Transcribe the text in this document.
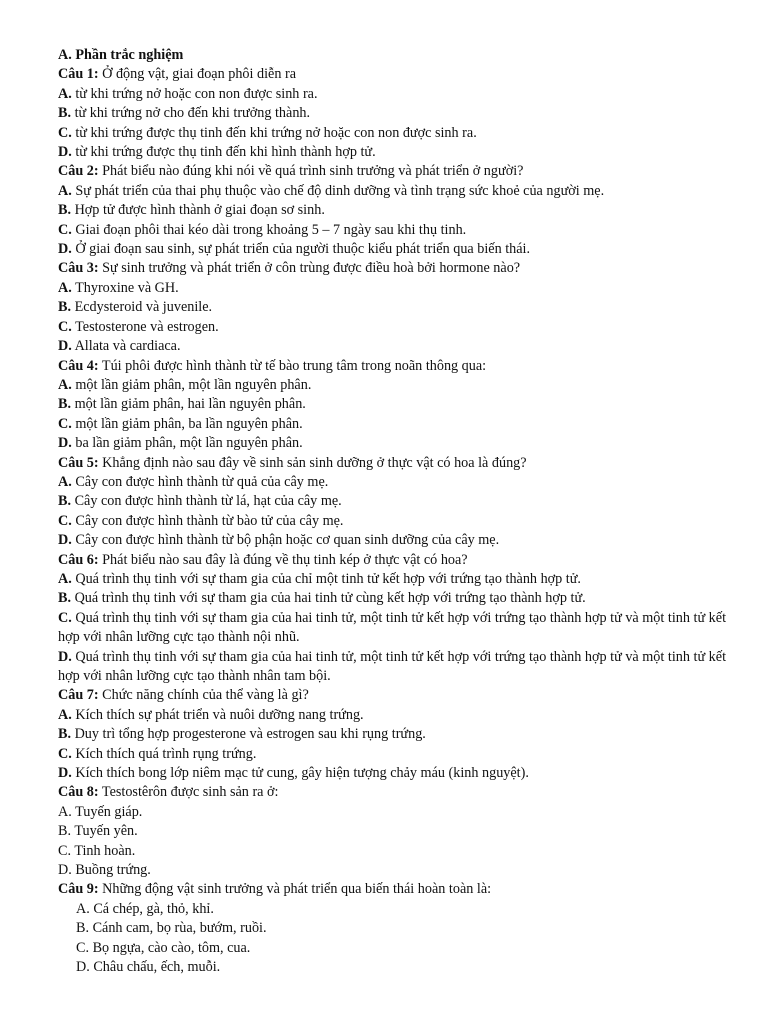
A. Phần trắc nghiệm

Câu 1: Ở động vật, giai đoạn phôi diễn ra

A. từ khi trứng nở hoặc con non được sinh ra.

B. từ khi trứng nở cho đến khi trưởng thành.

C. từ khi trứng được thụ tinh đến khi trứng nở hoặc con non được sinh ra.

D. từ khi trứng được thụ tinh đến khi hình thành hợp tử.

Câu 2: Phát biểu nào đúng khi nói về quá trình sinh trưởng và phát triển ở người?

A. Sự phát triển của thai phụ thuộc vào chế độ dinh dưỡng và tình trạng sức khoẻ của người mẹ.

B. Hợp tử được hình thành ở giai đoạn sơ sinh.

C. Giai đoạn phôi thai kéo dài trong khoảng 5 – 7 ngày sau khi thụ tinh.

D. Ở giai đoạn sau sinh, sự phát triển của người thuộc kiểu phát triển qua biến thái.

Câu 3: Sự sinh trưởng và phát triển ở côn trùng được điều hoà bởi hormone nào?

A. Thyroxine và GH.

B. Ecdysteroid và juvenile.

C. Testosterone và estrogen.

D. Allata và cardiaca.

Câu 4: Túi phôi được hình thành từ tế bào trung tâm trong noãn thông qua:

A. một lần giảm phân, một lần nguyên phân.

B. một lần giảm phân, hai lần nguyên phân.

C. một lần giảm phân, ba lần nguyên phân.

D. ba lần giảm phân, một lần nguyên phân.

Câu 5: Khẳng định nào sau đây về sinh sản sinh dưỡng ở thực vật có hoa là đúng?

A. Cây con được hình thành từ quả của cây mẹ.

B. Cây con được hình thành từ lá, hạt của cây mẹ.

C. Cây con được hình thành từ bào tử của cây mẹ.

D. Cây con được hình thành từ bộ phận hoặc cơ quan sinh dưỡng của cây mẹ.

Câu 6: Phát biểu nào sau đây là đúng về thụ tinh kép ở thực vật có hoa?

A. Quá trình thụ tinh với sự tham gia của chỉ một tinh tử kết hợp với trứng tạo thành hợp tử.

B. Quá trình thụ tinh với sự tham gia của hai tinh tử cùng kết hợp với trứng tạo thành hợp tử.

C. Quá trình thụ tinh với sự tham gia của hai tinh tử, một tinh tử kết hợp với trứng tạo thành hợp tử và một tinh tử kết hợp với nhân lưỡng cực tạo thành nội nhũ.

D. Quá trình thụ tinh với sự tham gia của hai tinh tử, một tinh tử kết hợp với trứng tạo thành hợp tử và một tinh tử kết hợp với nhân lưỡng cực tạo thành nhân tam bội.

Câu 7: Chức năng chính của thể vàng là gì?

A. Kích thích sự phát triển và nuôi dưỡng nang trứng.

B. Duy trì tổng hợp progesterone và estrogen sau khi rụng trứng.

C. Kích thích quá trình rụng trứng.

D. Kích thích bong lớp niêm mạc tử cung, gây hiện tượng chảy máu (kinh nguyệt).

Câu 8: Testostêrôn được sinh sản ra ở:

A. Tuyến giáp.

B. Tuyến yên.

C. Tinh hoàn.

D. Buồng trứng.

Câu 9: Những động vật sinh trưởng và phát triển qua biến thái hoàn toàn là:

A. Cá chép, gà, thỏ, khỉ.

B. Cánh cam, bọ rùa, bướm, ruồi.

C. Bọ ngựa, cào cào, tôm, cua.

D. Châu chấu, ếch, muỗi.
